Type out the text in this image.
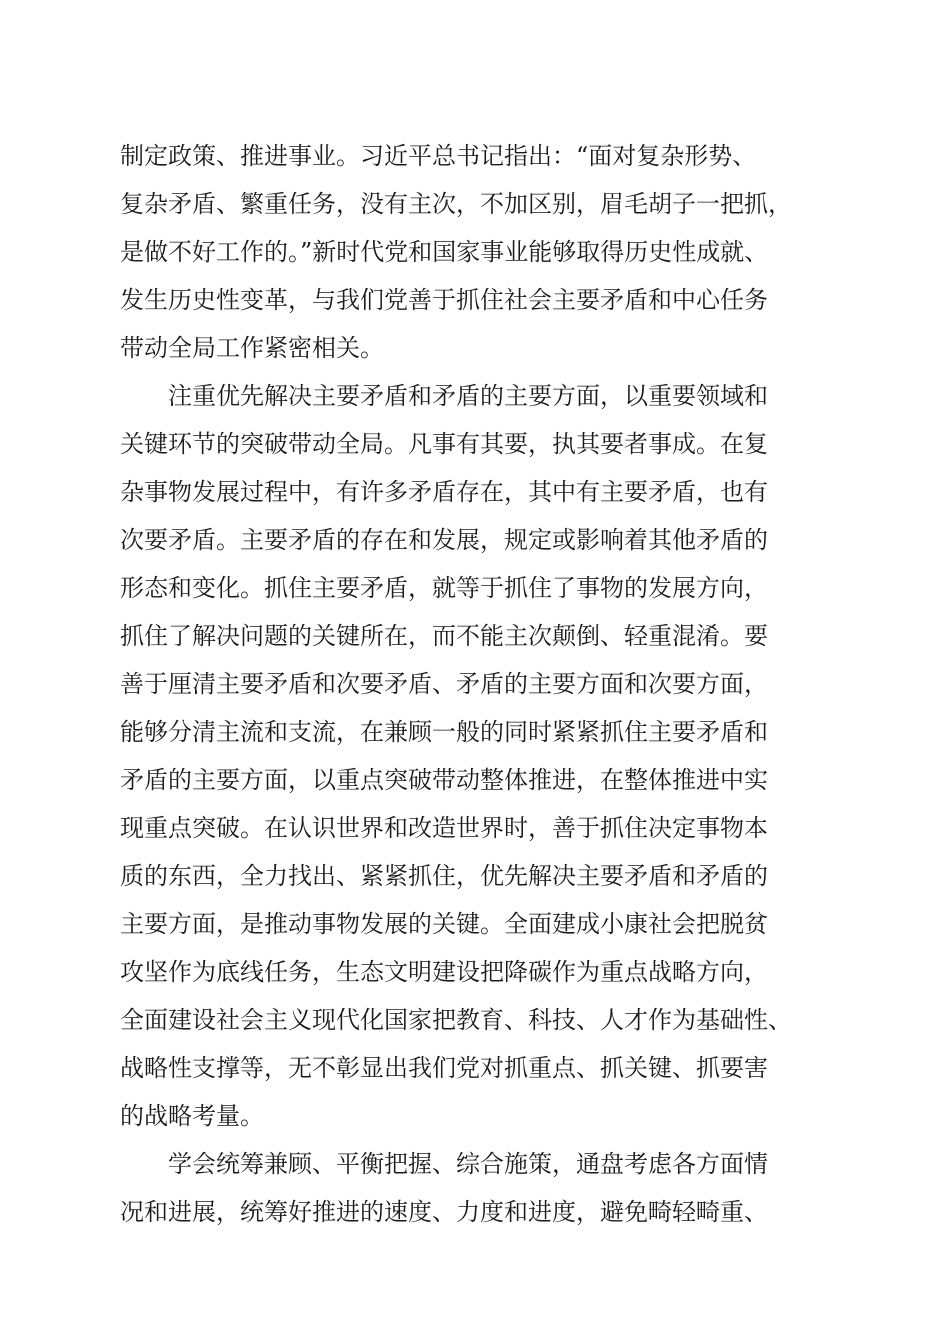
制定政策、推进事业。习近平总书记指出：“面对复杂形势、

复杂矛盾、繁重任务，没有主次，不加区别，眉毛胡子一把抓，

是做不好工作的。”新时代党和国家事业能够取得历史性成就、

发生历史性变革，与我们党善于抓住社会主要矛盾和中心任务

带动全局工作紧密相关。

注重优先解决主要矛盾和矛盾的主要方面，以重要领域和

关键环节的突破带动全局。凡事有其要，执其要者事成。在复

杂事物发展过程中，有许多矛盾存在，其中有主要矛盾，也有

次要矛盾。主要矛盾的存在和发展，规定或影响着其他矛盾的

形态和变化。抓住主要矛盾，就等于抓住了事物的发展方向，

抓住了解决问题的关键所在，而不能主次颠倒、轻重混淆。要

善于厘清主要矛盾和次要矛盾、矛盾的主要方面和次要方面，

能够分清主流和支流，在兼顾一般的同时紧紧抓住主要矛盾和

矛盾的主要方面，以重点突破带动整体推进，在整体推进中实

现重点突破。在认识世界和改造世界时，善于抓住决定事物本

质的东西，全力找出、紧紧抓住，优先解决主要矛盾和矛盾的

主要方面，是推动事物发展的关键。全面建成小康社会把脱贫

攻坚作为底线任务，生态文明建设把降碳作为重点战略方向，

全面建设社会主义现代化国家把教育、科技、人才作为基础性、

战略性支撑等，无不彰显出我们党对抓重点、抓关键、抓要害

的战略考量。

学会统筹兼顾、平衡把握、综合施策，通盘考虑各方面情

况和进展，统筹好推进的速度、力度和进度，避免畸轻畸重、
